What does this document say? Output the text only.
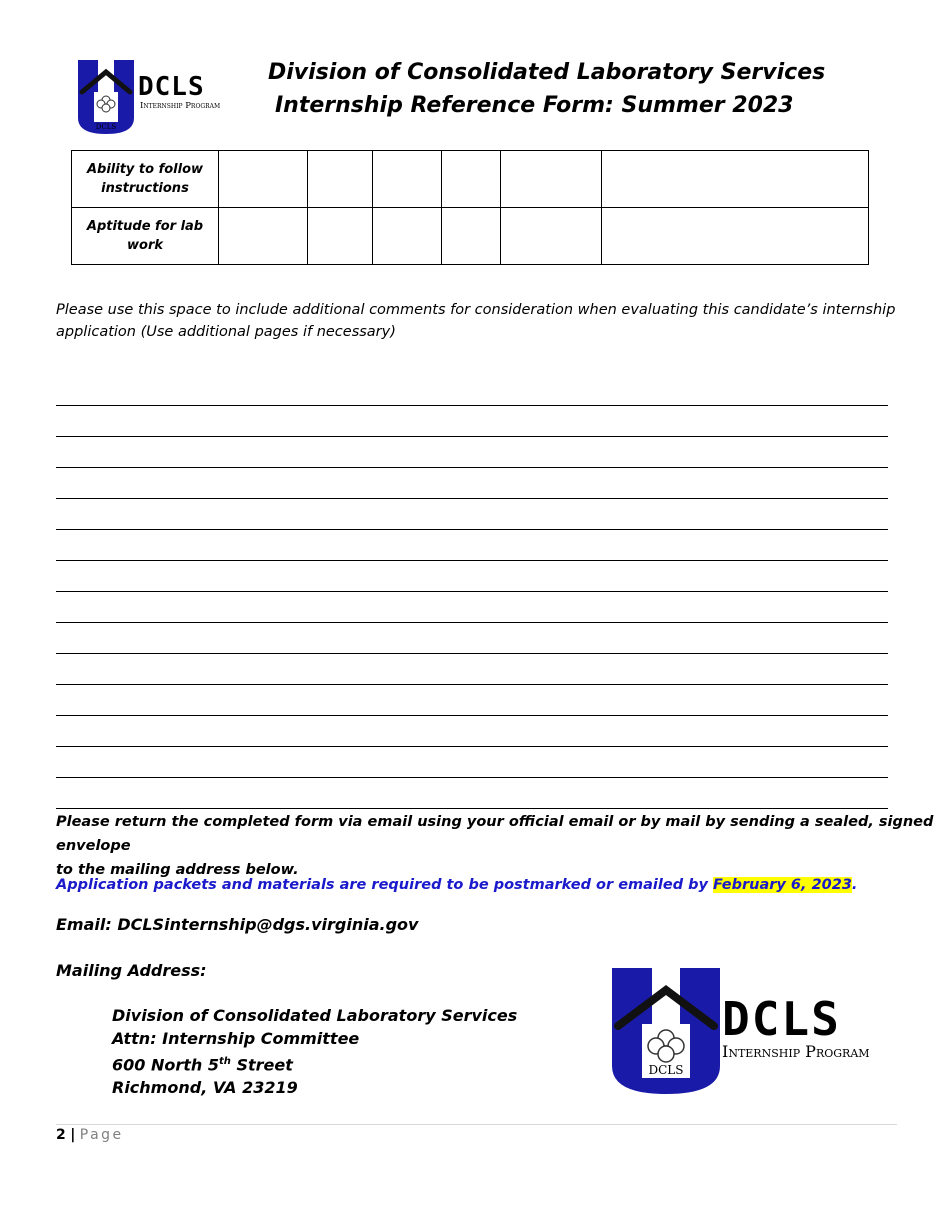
DCLS
DCLS
Internship Program
Division of Consolidated Laboratory Services
Internship Reference Form: Summer 2023
Ability to follow
instructions						
Aptitude for lab
work						
Please use this space to include additional comments for consideration when evaluating this candidate’s internship
application (Use additional pages if necessary)
Please return the completed form via email using your official email or by mail by sending a sealed, signed envelope
to the mailing address below.
Application packets and materials are required to be postmarked or emailed by February 6, 2023.
Email: DCLSinternship@dgs.virginia.gov
Mailing Address:
Division of Consolidated Laboratory Services
Attn: Internship Committee
600 North 5th Street
Richmond, VA 23219
DCLS
DCLS
Internship Program
2 | Page
